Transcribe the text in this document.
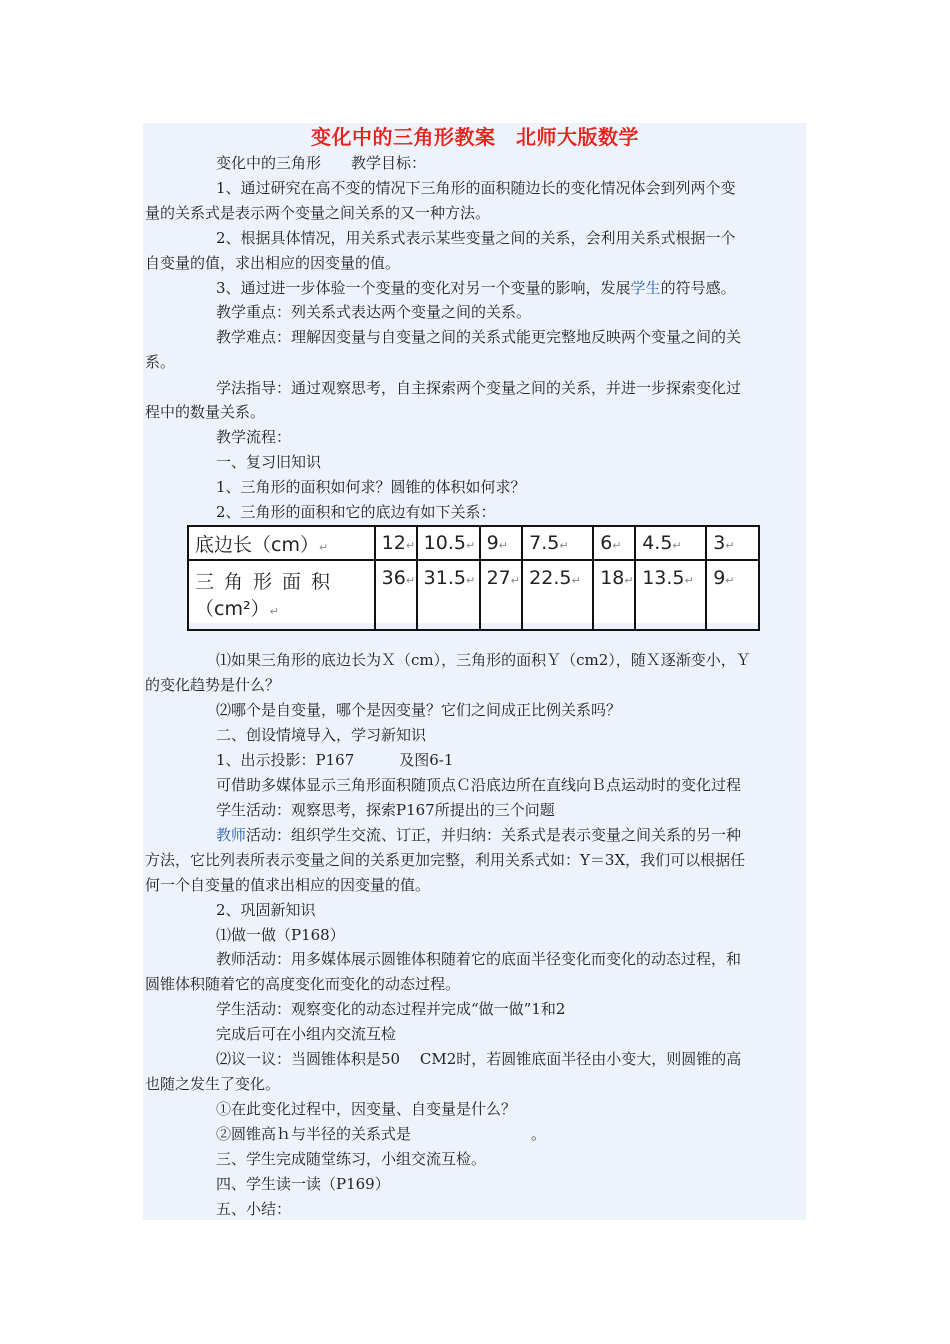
变化中的三角形教案　北师大版数学
变化中的三角形　　教学目标：
1、通过研究在高不变的情况下三角形的面积随边长的变化情况体会到列两个变
量的关系式是表示两个变量之间关系的又一种方法。
2、根据具体情况，用关系式表示某些变量之间的关系，会利用关系式根据一个
自变量的值，求出相应的因变量的值。
3、通过进一步体验一个变量的变化对另一个变量的影响，发展学生的符号感。
教学重点：列关系式表达两个变量之间的关系。
教学难点：理解因变量与自变量之间的关系式能更完整地反映两个变量之间的关
系。
学法指导：通过观察思考，自主探索两个变量之间的关系，并进一步探索变化过
程中的数量关系。
教学流程：
一、复习旧知识
1、三角形的面积如何求？圆锥的体积如何求？
2、三角形的面积和它的底边有如下关系：
底边长（cm）↵	12↵	10.5↵	9↵	7.5↵	6↵	4.5↵	3↵

三角形面积
（cm²）↵	36↵	31.5↵	27↵	22.5↵	18↵	13.5↵	9↵
⑴如果三角形的底边长为Ｘ（cm），三角形的面积Ｙ（cm2），随Ｘ逐渐变小，Ｙ
的变化趋势是什么？
⑵哪个是自变量，哪个是因变量？它们之间成正比例关系吗？
二、创设情境导入，学习新知识
1、出示投影：P167　　　及图6-1
可借助多媒体显示三角形面积随顶点Ｃ沿底边所在直线向Ｂ点运动时的变化过程
学生活动：观察思考，探索P167所提出的三个问题
教师活动：组织学生交流、订正，并归纳：关系式是表示变量之间关系的另一种
方法，它比列表所表示变量之间的关系更加完整，利用关系式如：Y＝3X，我们可以根据任
何一个自变量的值求出相应的因变量的值。
2、巩固新知识
⑴做一做（P168）
教师活动：用多媒体展示圆锥体积随着它的底面半径变化而变化的动态过程，和
圆锥体积随着它的高度变化而变化的动态过程。
学生活动：观察变化的动态过程并完成“做一做”1和2
完成后可在小组内交流互检
⑵议一议：当圆锥体积是50　 CM2时，若圆锥底面半径由小变大，则圆锥的高
也随之发生了变化。
①在此变化过程中，因变量、自变量是什么？
②圆锥高ｈ与半径的关系式是　　　　　　　　。
三、学生完成随堂练习，小组交流互检。
四、学生读一读（P169）
五、小结：
